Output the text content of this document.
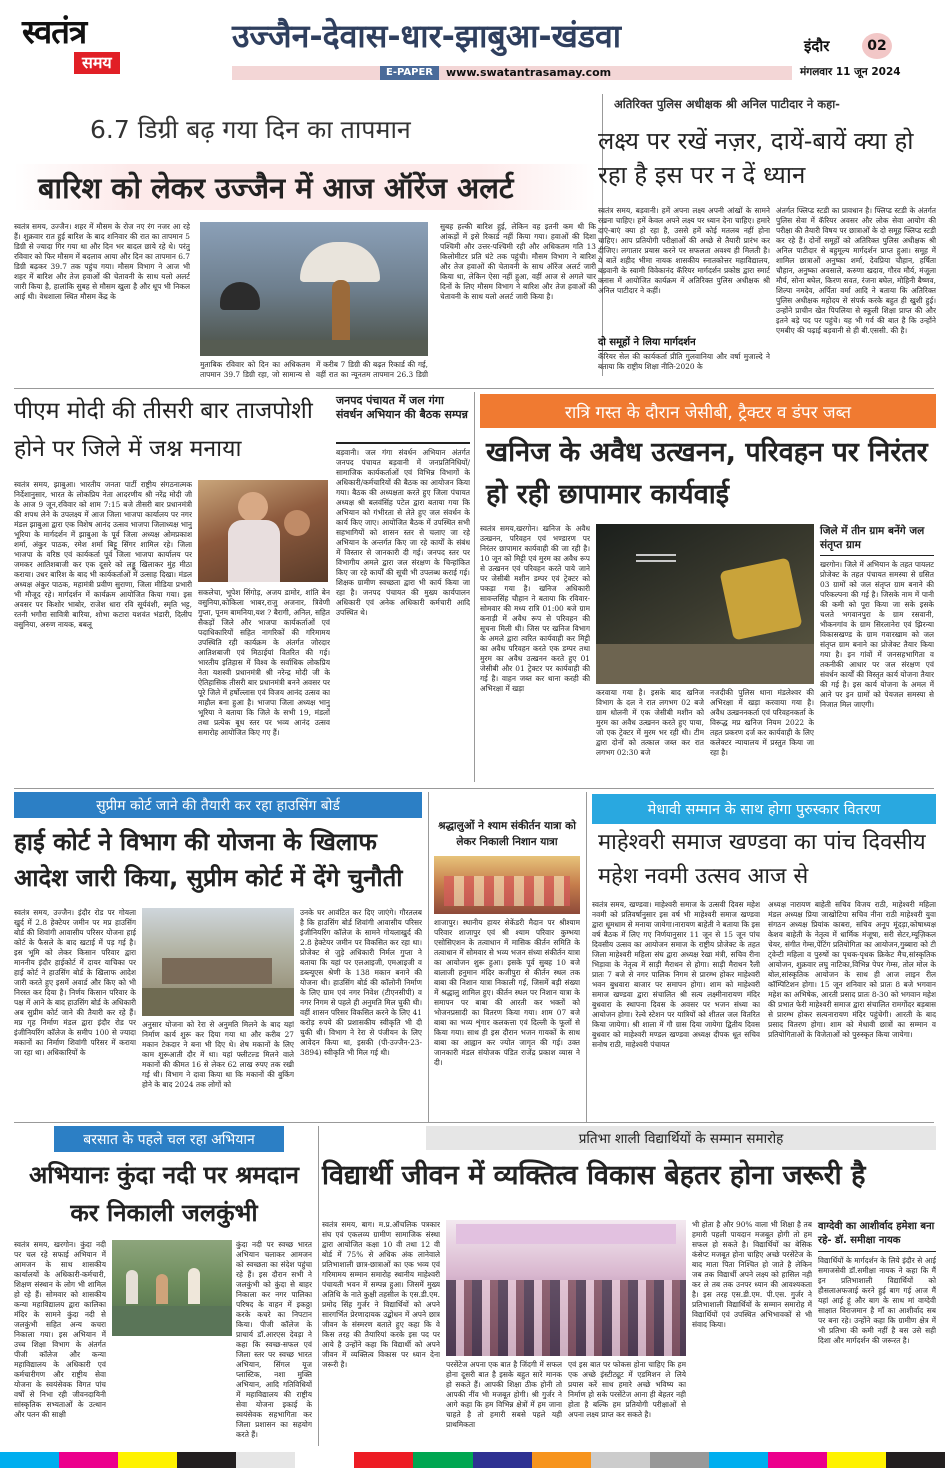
स्वतंत्र
समय
उज्जैन-देवास-धार-झाबुआ-खंडवा
E-PAPER	www.swatantrasamay.com
इंदौर	02
मंगलवार 11 जून 2024
6.7 डिग्री बढ़ गया दिन का तापमान
बारिश को लेकर उज्जैन में आज ऑरेंज अलर्ट
स्वतंत्र समय, उज्जैन। शहर में मौसम के रोज नए रंग नजर आ रहे हैं। शुक्रवार रात हुई बारिश के बाद शनिवार की रात का तापमान 5 डिग्री से ज्यादा गिर गया था और दिन भर बादल छाये रहे थे। परंतु रविवार को फिर मौसम में बदलाव आया और दिन का तापमान 6.7 डिग्री बढ़कर 39.7 तक पहुंच गया। मौसम विभाग ने आज भी शहर में बारिश और तेज हवाओं की चेतावनी के साथ यलो अलर्ट जारी किया है, हालांकि सुबह से मौसम खुला है और धूप भी निकल आई थी। वेधशाला स्थित मौसम केंद्र के
मुताबिक रविवार को दिन का अधिकतम तापमान 39.7 डिग्री रहा, जो सामान्य से
में करीब 7 डिग्री की बढ़त रिकार्ड की गई, वहीं रात का न्यूनतम तापमान 26.3 डिग्री
सुबह हल्की बारिश हुई, लेकिन वह इतनी कम थी कि आंकड़ों में इसे रिकार्ड नहीं किया गया। हवाओं की दिशा पश्चिमी और उत्तर-पश्चिमी रही और अधिकतम गति 13 किलोमीटर प्रति घंटे तक पहुंची। मौसम विभाग ने बारिश और तेज हवाओं की चेतावनी के साथ ऑरेंज अलर्ट जारी किया था, लेकिन ऐसा नहीं हुआ, वहीं आज से अगले चार दिनों के लिए मौसम विभाग ने बारिश और तेज हवाओं की चेतावनी के साथ यलो अलर्ट जारी किया है।
अतिरिक्त पुलिस अधीक्षक श्री अनिल पाटीदार ने कहा-
लक्ष्य पर रखें नज़र, दायें-बायें क्या हो रहा है इस पर न दें ध्यान
स्वतंत्र समय, बड़वानी। हमें अपना लक्ष्य अपनी आंखों के सामने रखना चाहिए। हमें केवल अपने लक्ष्य पर ध्यान देना चाहिए। हमारे दाएं-बाएं क्या हो रहा है, उससे हमें कोई मतलब नहीं होना चाहिए। आप प्रतियोगी परीक्षाओं की अच्छे से तैयारी प्रारंभ कर दीजिए। लगातार प्रयास करने पर सफलता अवश्य ही मिलती है। ये बातें शहीद भीमा नायक शासकीय स्नातकोत्तर महाविद्यालय, बड़वानी के स्वामी विवेकानंद कॅरियर मार्गदर्शन प्रकोष्ठ द्वारा स्मार्ट क्लास में आयोजित कार्यक्रम में अतिरिक्त पुलिस अधीक्षक श्री अनिल पाटीदार ने कहीं।
दो समूहों ने लिया मार्गदर्शन
कॅरियर सेल की कार्यकर्ता प्रीति गुलवानिया और वर्षा मुजाल्दे ने बताया कि राष्ट्रीय शिक्षा नीति-2020 के
अंतर्गत फ्लिप्ड स्टडी का प्रावधान है। फ्लिप्ड स्टडी के अंतर्गत पुलिस सेवा में कॅरियर अवसर और लोक सेवा आयोग की परीक्षा की तैयारी विषय पर छात्राओं के दो समूह फ्लिप्ड स्टडी कर रहे हैं। दोनों समूहों को अतिरिक्त पुलिस अधीक्षक श्री अनिल पाटीदार से बहुमूल्य मार्गदर्शन प्राप्त हुआ। समूह में शामिल छात्राओं अनुष्का शर्मा, देवप्रिया चौहान, हर्षिता चौहान, अनुष्का अवसाले, करुणा खदाव, गौरव मौर्य, मंजूला मौर्य, सोना बघेल, किरण सवत, रंजना बघेल, मोहिनी बैष्णव, शिल्पा नमदेव, अर्पिता वर्मा आदि ने बताया कि अतिरिक्त पुलिस अधीक्षक महोदय से संपर्क करके बहुत ही खुशी हुई। उन्होंने प्राचीन खेत पिपलिया से स्कूली शिक्षा प्राप्त की और इतने बड़े पद पर पहुंचे। यह भी गर्व की बात है कि उन्होंने एमबीए की पढ़ाई बड़वानी से ही बी.एससी. की है।
पीएम मोदी की तीसरी बार ताजपोशी होने पर जिले में जश्न मनाया
स्वतंत्र समय, झाबुआ। भारतीय जनता पार्टी राष्ट्रीय संगठनात्मक निर्देशानुसार, भारत के लोकप्रिय नेता आदरणीय श्री नरेंद्र मोदी जी के आज 9 जून,रविवार को शाम 7:15 बजे तीसरी बार प्रधानमंत्री की शपथ लेने के उपलक्ष्य में आज जिला भाजपा कार्यालय पर नगर मंडल झाबुआ द्वारा एक विशेष आनंद उत्सव भाजपा जिलाध्यक्ष भानु भूरिया के मार्गदर्शन में झाबुआ के पूर्व जिला अध्यक्ष ओमप्रकाश शर्मा, अंकुर पाठक, रमेश शर्मा बिट्टू सिंगर शामिल रहे। जिला भाजपा के वरिष्ठ एवं कार्यकर्ता पूर्व जिला भाजपा कार्यालय पर जमकर आतिशबाजी कर एक दूसरे को लड्डू खिलाकर मुंह मीठा कराया। उधर बारिश के बाद भी कार्यकर्ताओं में उत्साह दिखा। मंडल अध्यक्ष अंकुर पाठक, महामंत्री प्रवीण सुराणा, जिला मीडिया प्रभारी भी मौजूद रहे। मार्गदर्शन में कार्यक्रम आयोजित किया गया। इस अवसर पर किशोर भाबोर, राजेश धारा रवि सूर्यवंशी, स्मृति भट्ट, रतनी भगौरा सावित्री बारिया, शोभा कटारा यशवंत भंडारी, दिलीप वसुनिया, अरुण नायक, बबलू
सकलेचा, भूपेश सिंगोड़, अजय डामोर, शांति बेन वसुनिया,कोकिला भाबर,राजु अजनार, त्रिवेणी गुप्ता, पूनम बामनिया,यश ? बैरागी, अनिल, सहित सैकड़ों जिले और भाजपा कार्यकर्ताओं एवं पदाधिकारियों सहित नागरिकों की गरिमामय उपस्थिति रही कार्यक्रम के अंतर्गत जोरदार आतिशबाजी एवं मिठाईयां वितरित की गई। भारतीय इतिहास में विश्व के सर्वाधिक लोकप्रिय नेता यशस्वी प्रधानमंत्री श्री नरेन्द्र मोदी जी के ऐतिहासिक तीसरी बार प्रधानमंत्री बनने अवसर पर पूरे जिले में हर्षोल्लास एवं विजय आनंद उत्सव का माहौल बना हुआ है। भाजपा जिला अध्यक्ष भानु भूरिया ने बताया कि जिले के सभी 19, मंडलों तथा प्रत्येक बूथ स्तर पर भव्य आनंद उत्सव समारोह आयोजित किए गए हैं।
जनपद पंचायत में जल गंगा संवर्धन अभियान की बैठक सम्पन्न
बड़वानी। जल गंगा संवर्धन अभियान अंतर्गत जनपद पंचायत बड़वानी में जनप्रतिनिधियों/सामाजिक कार्यकर्ताओं एवं विभिन्न विभागों के अधिकारी/कर्मचारियों की बैठक का आयोजन किया गया। बैठक की अध्यक्षता करते हुए जिला पंचायत अध्यक्ष श्री बलवंसिंह पटेल द्वारा बताया गया कि अभियान को गंभीरता से लेते हुए जल संवर्धन के कार्य किए जाए। आयोजित बैठक में उपस्थित सभी सहभागियों को शासन स्तर से चलाए जा रहे अभियान के अन्तर्गत किए जा रहे कार्यों के संबंध में विस्तार से जानकारी दी गई। जनपद स्तर पर विभागीय अमले द्वारा जल संरक्षण के चिन्हांकित किए जा रहे कार्यों की सूची भी उपलब्ध कराई गई। शिक्षक ग्रामीण स्वच्छता द्वारा भी कार्य किया जा रहा है। जनपद पंचायत की मुख्य कार्यपालन अधिकारी एवं अनेक अधिकारी कर्मचारी आदि उपस्थित थे।
रात्रि गस्त के दौरान जेसीबी, ट्रैक्टर व डंपर जब्त
खनिज के अवैध उत्खनन, परिवहन पर निरंतर हो रही छापामार कार्यवाई
स्वतंत्र समय,खरगोन। खनिज के अवैध उत्खनन, परिवहन एवं भण्डारण पर निरंतर छापामार कार्यवाही की जा रही है। 10 जून को मिट्टी एवं मुरम का अवैध रूप से उत्खनन एवं परिवहन करते पाये जाने पर जेसीबी मशीन डम्पर एवं ट्रेक्टर को पकड़ा गया है। खनिज अधिकारी सावन्तसिंह चौहान ने बताया कि रविवार-सोमवार की मध्य रात्रि 01:00 बजे ग्राम कनाड़ी में अवैध रूप से परिवहन की सूचना मिली थी। जिस पर खनिज विभाग के अमले द्वारा त्वरित कार्यवाही कर मिट्टी का अवैध परिवहन करते एक डम्पर तथा मुरम का अवैध उत्खनन करते हुए 01 जेसीबी और 01 ट्रेक्टर पर कार्यवाही की गई है। वाहन जब्त कर थाना करही की अभिरक्षा में खड़ा	करवाया गया है। इसके बाद खनिज विभाग के दल ने रात लगभग 02 बजे ग्राम धोलनी में एक जेसीबी मशीन को मुरम का अवैध उत्खनन करते हुए पाया, जो एक ट्रेक्टर में मुरम भर रही थी। टीम द्वारा दोनों को तत्काल जब्त कर रात लगभग 02:30 बजे
नजदीकी पुलिस थाना मंडलेश्वर की अभिरक्षा में खड़ा करवाया गया है। अवैध उत्खननकर्ता एवं परिवहनकर्ता के विरूद्ध मप्र खनिज नियम 2022 के तहत प्रकरण दर्ज कर कार्यवाही के लिए कलेक्टर न्यायालय में प्रस्तुत किया जा रहा है।
जिले में तीन ग्राम बनेंगे जल संतृप्त ग्राम
खरगोन। जिले में अभियान के तहत पायलट प्रोजेक्ट के तहत पंचायत समस्या से ग्रसित 03 ग्रामों को जल संतृप्त ग्राम बनाने की परिकल्पना की गई है। जिसके नाम में पानी की कमी को पूरा किया जा सके इसके चलते भगवानपुरा के ग्राम रसवानी, भीकनगांव के ग्राम सिरलानेरा एवं झिरन्या विकासखण्ड के ग्राम गवारखाम को जल संतृप्त ग्राम बनाने का प्रोजेक्ट तैयार किया गया है। इन गांवों में जनसहभागिता व तकनीकी आधार पर जल संरक्षण एवं संवर्धन कार्यों की विस्तृत कार्य योजना तैयार की गई है। इस कार्य योजना के अमल में आने पर इन ग्रामों को पेयजल समस्या से निजात मिल जाएगी।
सुप्रीम कोर्ट जाने की तैयारी कर रहा हाउसिंग बोर्ड
हाई कोर्ट ने विभाग की योजना के खिलाफ आदेश जारी किया, सुप्रीम कोर्ट में देंगे चुनौती
स्वतंत्र समय, उज्जैन। इंदौर रोड पर गोयला खुर्द में 2.8 हेक्टेयर जमीन पर मप्र हाउसिंग बोर्ड की शिवांगी आवासीय परिसर योजना हाई कोर्ट के फैसले के बाद खटाई में पड़ गई है। इस भूमि को लेकर किसान परिवार द्वारा माननीय इंदौर हाईकोर्ट में दायर याचिका पर हाई कोर्ट ने हाउसिंग बोर्ड के खिलाफ आदेश जारी करते हुए इसमें अवार्ड और किए को भी निरस्त कर दिया है। निर्णय किसान परिवार के पक्ष में आने के बाद हाउसिंग बोर्ड के अधिकारी अब सुप्रीम कोर्ट जाने की तैयारी कर रहे हैं। मप्र गृह निर्माण मंडल द्वारा इंदौर रोड पर इंजीनियरिंग कॉलेज के समीप 100 से ज्यादा मकानों का निर्माण शिवांगी परिसर में कराया जा रहा था। अधिकारियों के
अनुसार योजना को रेरा से अनुमति मिलने के बाद यहां निर्माण कार्य शुरू कर दिया गया था और करीब 27 मकान टेकदार ने बना भी दिए थे। शेष मकानों के लिए काम शुरूआती दौर में था। यहां फ्लीटल्ड मिलने वाले मकानों की कीमत 16 से लेकर 62 लाख रुपए तक रखी गई थी। विभाग ने दावा किया था कि मकानों की बुकिंग होने के बाद 2024 तक लोगों को
उनके घर आवंटित कर दिए जाएंगे। गौरतलब है कि हाउसिंग बोर्ड शिवांगी आवासीय परिसर इंजीनियरिंग कॉलेज के सामने गोयलाखुर्द की 2.8 हेक्टेयर जमीन पर विकसित कर रहा था। प्रोजेक्ट से जुड़े अधिकारी निर्मल गुप्ता ने बताया कि यहां पर एलआइजी, एमआइजी व डब्ल्यूएस श्रेणी के 138 मकान बनाने की योजना थी। हाउसिंग बोर्ड की कॉलोनी निर्माण के लिए ग्राम एवं नगर निवेश (टीएनसीपी) व नगर निगम से पहले ही अनुमति मिल चुकी थी। वहीं शासन परिसर विकसित करने के लिए 41 करोड़ रुपये की प्रशासकीय स्वीकृति भी दी चुकी थी। विभाग ने रेरा से पंजीयन के लिए आवेदन किया था, इसकी (पी-उज्जैन-23-3894) स्वीकृति भी मिल गई थी।
श्रद्धालुओं ने श्याम संकीर्तन यात्रा को लेकर निकाली निशान यात्रा
शाजापुर। स्थानीय हायर सेकेंडरी मैदान पर श्रीश्याम परिवार शाजापुर एवं श्री श्याम परिवार कुम्भया एसोसिएशन के तत्वाधान में मासिक कीर्तन समिति के तत्वाधान में सोमवार से भव्य भजन संध्या संकीर्तन यात्रा का आयोजन शुरू हुआ। इसके पूर्व सुबह 10 बजे बालाजी हनुमान मंदिर कजीपुरा से कीर्तन स्थल तक बाबा की निशान यात्रा निकाली गई, जिसमें बड़ी संख्या में श्रद्धालु शामिल हुए। कीर्तन स्थल पर निशान यात्रा के समापन पर बाबा की आरती कर भक्तों को भोजनप्रसादी का वितरण किया गया। शाम 07 बजे बाबा का भव्य शृंगार कलकत्ता एवं दिल्ली के फूलों से किया गया। साथ ही इस दौरान भजन गायकों के साथ बाबा का आह्वान कर ज्योत जागृत की गई। उक्त जानकारी मंडल संयोजक पंडित राजेंद्र प्रकाश व्यास ने दी।
मेधावी सम्मान के साथ होगा पुरुस्कार वितरण
माहेश्वरी समाज खण्डवा का पांच दिवसीय महेश नवमी उत्सव आज से
स्वतंत्र समय, खण्डवा। माहेश्वरी समाज के उत्सवी दिवस महेश नवमी को प्रतिवर्षानुसार इस वर्ष भी माहेश्वरी समाज खण्डवा द्वारा धूमधाम से मनाया जायेगा।नारायण बाहेती ने बताया कि इस वर्ष बैठक में लिए गए निर्णयानुसार 11 जून से 15 जून पांच दिवसीय उत्सव का आयोजन समाज के राष्ट्रीय प्रोजेक्ट के तहत जिला माहेश्वरी महिला संघ द्वारा अध्यक्ष रेखा मंत्री, सचिव रीना भिड़ावा के नेतृत्व में साड़ी मैराथन से होगा। साड़ी मैराथन रैली प्रातः 7 बजे से नगर पालिक निगम से प्रारम्भ होकर माहेश्वरी भवन बुधवारा बाजार पर समापन होगा। शाम को माहेश्वरी समाज खण्डवा द्वारा संचालित श्री सत्य लक्ष्मीनारायण मंदिर बुधवारा के स्थापना दिवस के अवसर पर भजन संध्या का आयोजन होगा। रेल्वे स्टेशन पर यात्रियों को शीतल जल वितरित किया जायेगा। श्री शाला में गौ ग्रास दिया जायेगा द्वितीय दिवस बुधवार को माहेश्वरी मण्डल खण्डवा अध्यक्ष दीपक धूत सचिव सनोष राठी, माहेश्वरी पंचायत
अध्यक्ष नारायण बाहेती सचिव विजय राठी, माहेश्वरी महिला मंडल अध्यक्ष प्रिया जाखोटिया सचिव नीना राठी माहेश्वरी युवा संगठन अध्यक्ष प्रियांक काबरा, सचिव अनूप मूंदड़ा,कोषाध्यक्ष केशव बाहेती के नेतृत्व में धार्मिक मंजूषा, सरी सेटर,म्यूज़िकल चेयर, संगीत गेम्स,पेंटिंग प्रतियोगिता का आयोजन,गुब्बारा को टी ट्वेन्टी महिला व पुरुषों का पृथक-पृथक क्रिकेट मैच,सांस्कृतिक आयोजन, शुक्रवार लघु नाटिका,विभिन्न पेपर गेम्स, तोल मोल के बोल,सांस्कृतिक आयोजन के साथ ही आज लाइन रील कॉम्पिटिशन होगा। 15 जून शनिवार को प्रातः 8 बजे भगवान महेश का अभिषेक, आरती प्रसाद प्रातः 8-30 को भगवान महेश की प्रभात फेरी माहेश्वरी समाज द्वारा संचालित रामगोंदर बड़बास से प्रारम्भ होकर सत्यनारायण मंदिर पहुंचेगी। आरती के बाद प्रसाद वितरण होगा। शाम को मेधावी छात्रों का सम्मान व प्रतियोगिताओं के विजेताओं को पुरुस्कृत किया जायेगा।
बरसात के पहले चल रहा अभियान
अभियानः कुंदा नदी पर श्रमदान कर निकाली जलकुंभी
स्वतंत्र समय, खरगोन। कुंदा नदी पर चल रहे सफाई अभियान में आमजन के साथ शासकीय कार्यालयों के अधिकारी-कर्मचारी, शिक्षण संस्थान के लोग भी शामिल हो रहे हैं। सोमवार को शासकीय कन्या महाविद्यालय द्वारा कालिका मंदिर के सामने कुंदा नदी से जलकुंभी सहित अन्य कचरा निकाला गया। इस अभियान में उच्च शिक्षा विभाग के अंतर्गत पीजी कॉलेज और कन्या महाविद्यालय के अधिकारी एवं कर्मचारीगण और राष्ट्रीय सेवा योजना के स्वयंसेवक विगत पांच वर्षों से निभा रही जीवनदायिनी सांस्कृतिक सभ्यताओं के उत्थान और पतन की साक्षी
कुंदा नदी पर स्वच्छ भारत अभियान चलाकर आमजन को स्वच्छता का संदेश पहुंचा रहे हैं। इस दौरान सभी ने जलकुंभी को कुंदा से बाहर निकाला कर नगर पालिका परिषद के वाहन में इकठ्ठा करके कचरे का निपटान किया। पीजी कॉलेज के प्राचार्य डॉ.आरएस देवड़ा ने कहा कि स्वच्छ-सफल एवं जिला स्तर पर स्वच्छ भारत अभियान, सिंगल यूज प्लास्टिक, नशा मुक्ति अभियान, आदि गतिविधियों में महाविद्यालय की राष्ट्रीय सेवा योजना इकाई के स्वयंसेवक सहभागिता कर जिला प्रशासन का सहयोग करते हैं।
प्रतिभा शाली विद्यार्थियों के सम्मान समारोह
विद्यार्थी जीवन में व्यक्तित्व विकास बेहतर होना जरूरी है
स्वतंत्र समय, बाग। म.प्र.ऑचलिक पत्रकार संघ एवं एकलव्य ग्रामीण सामाजिक संस्था द्वारा आयोजित कक्षा 10 वी तथा 12 वी बोर्ड में 75% से अधिक अंक लानेवाले प्रतिभाशाली छात्र-छात्राओं का एक भव्य एवं गरिमामय सम्मान समारोह स्थानीय माहेश्वरी पंचायती भवन में सम्पन्न हुआ। जिसमें मुख्य अतिथि के नाते कुक्षी तहसील के एस.डी.एम. प्रमोद सिंह गुर्जर ने विद्यार्थियों को अपने सारगर्भित प्रेरणादायक उद्बोधन में अपने छात्र जीवन के संस्मरण बताते हुए कहा कि वे किस तरह की तैयारियां करके इस पद पर आये है उन्होंने कहा कि विद्यार्थी को अपने जीवन में व्यक्तित्व विकास पर ध्यान देना जरूरी है।	परसेंटेज अपना एक बात है जिंदगी में सफल होना दूसरी बात है इसके बहुत सारे मानक हो सकते हैं। आपकी शिक्षा ठीक होनी तो आपकी नींव भी मजबूत होगी। श्री गुर्जर ने आगे कहा कि हम विभिन्न क्षेत्रों में हम जाना चाहते है तो हमारी सबसे पहले यही प्राथमिकता
एवं इस बात पर फोकस होना चाहिए कि हम एक अच्छे इंस्टीट्यूट में एडमिशन ले लिये प्रयास करें साथ हमारे अच्छे भविष्य का निर्माण हो सके परसेंटेज आना ही बेहतर नही होता है बल्कि हम प्रतियोगी परीक्षाओं से अपना लक्ष्य प्राप्त कर सकते है।
भी होता है और 90% वाला भी शिक्षा है तब हमारी पहली पायदान मजबूत होगी तो हम सफल हो सकते है। विद्यार्थियों का बेसिक कंसेप्ट मजबूत होना चाहिए अच्छे परसेंटेज के बाद माता पिता निश्चित हो जाते है लेकिन जब तक विद्यार्थी अपने लक्ष्य को हासिल नही कर ले तब तक उनपर ध्यान की आवश्यकता है। इस तरह एस.डी.एम. पी.एस. गुर्जर ने प्रतिभाशाली विद्यार्थियों के सम्मान समारोह में विद्यार्थियों एवं उपस्थित अभिभावकों से भी संवाद किया।
वाग्देवी का आशीर्वाद हमेशा बना रहे- डॉ. समीक्षा नायक
विद्यार्थियों के मार्गदर्शन के लिये इंदौर से आई समाजसेवी डॉ.समीक्षा नायक ने कहा कि मैं इन प्रतिभाशाली विद्यार्थियों को हौसलाअफजाई करने हुई बाग गई आज मैं यहां आई हूं और बाग के साथ मां वाग्देवी साक्षात विराजमान है माँ का आशीर्वाद सब पर बना रहे। उन्होंने कहा कि ग्रामीण क्षेत्र में भी प्रतिभा की कमी नहीं है बस उसे सही दिशा और मार्गदर्शन की जरूरत है।
